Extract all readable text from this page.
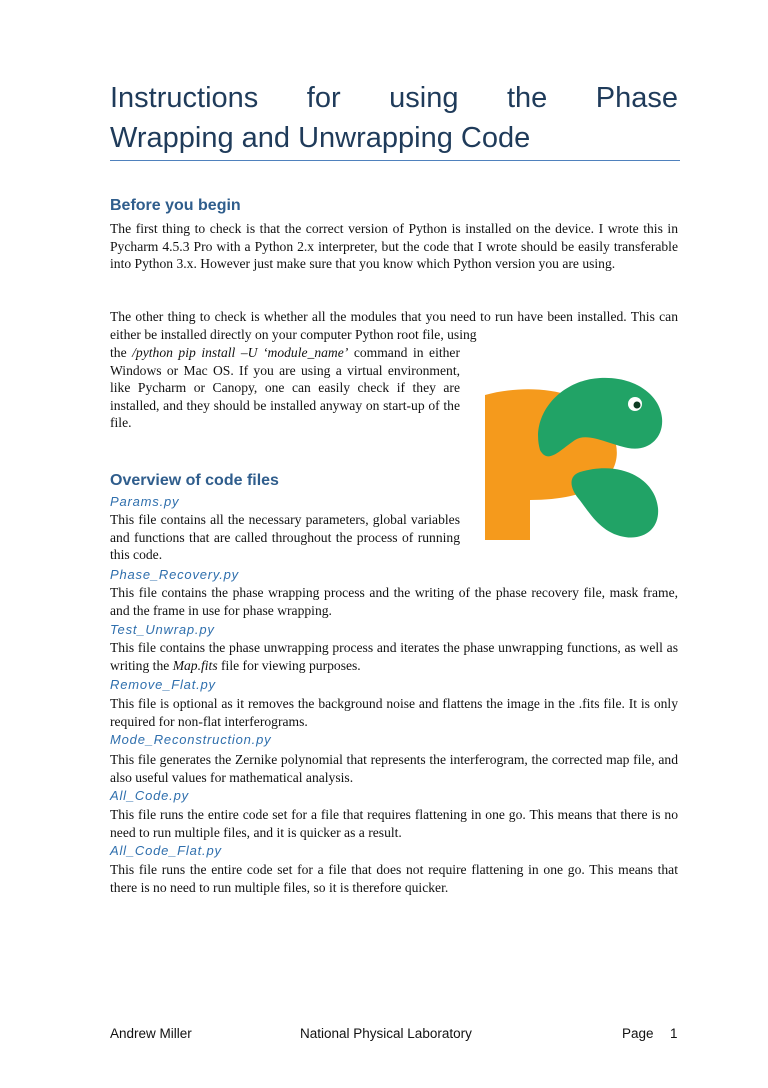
Instructions for using the Phase
Wrapping and Unwrapping Code
Before you begin

The first thing to check is that the correct version of Python is installed on the device. I wrote this in Pycharm 4.5.3 Pro with a Python 2.x interpreter, but the code that I wrote should be easily transferable into Python 3.x. However just make sure that you know which Python version you are using.

The other thing to check is whether all the modules that you need to run have been installed. This can either be installed directly on your computer Python root file, using

the /python pip install –U ‘module_name’ command in either Windows or Mac OS. If you are using a virtual environment, like Pycharm or Canopy, one can easily check if they are installed, and they should be installed anyway on start-up of the file.

Overview of code files
Params.py

This file contains all the necessary parameters, global variables and functions that are called throughout the process of running this code.

Phase_Recovery.py

This file contains the phase wrapping process and the writing of the phase recovery file, mask frame, and the frame in use for phase wrapping.

Test_Unwrap.py

This file contains the phase unwrapping process and iterates the phase unwrapping functions, as well as writing the Map.fits file for viewing purposes.

Remove_Flat.py

This file is optional as it removes the background noise and flattens the image in the .fits file. It is only required for non-flat interferograms.

Mode_Reconstruction.py

This file generates the Zernike polynomial that represents the interferogram, the corrected map file, and also useful values for mathematical analysis.

All_Code.py

This file runs the entire code set for a file that requires flattening in one go. This means that there is no need to run multiple files, and it is quicker as a result.

All_Code_Flat.py

This file runs the entire code set for a file that does not require flattening in one go. This means that there is no need to run multiple files, so it is therefore quicker.

Andrew Miller	National Physical Laboratory	Page 1
